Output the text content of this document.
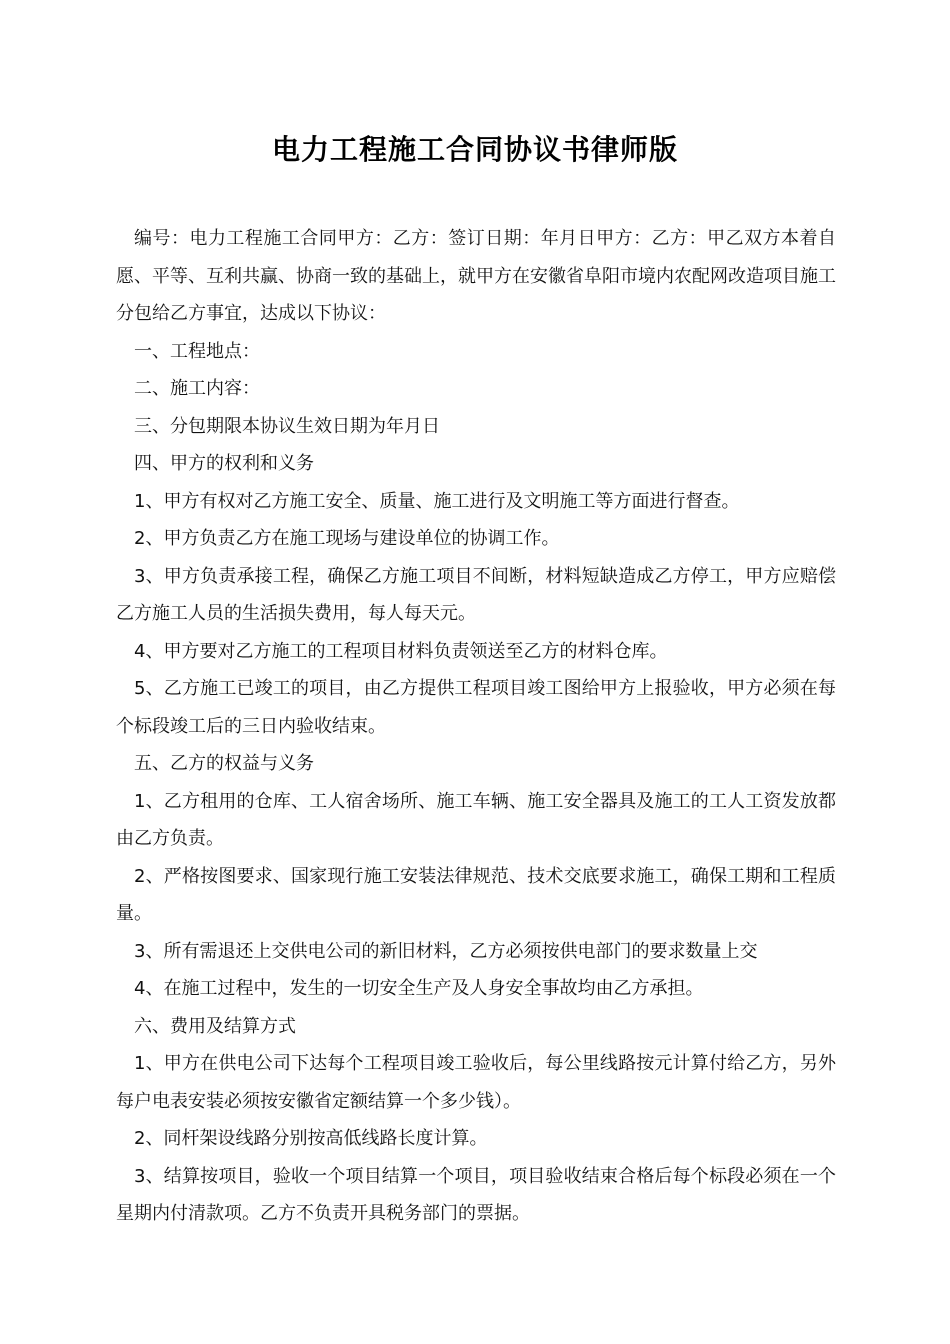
电力工程施工合同协议书律师版

编号：电力工程施工合同甲方：乙方：签订日期：年月日甲方：乙方：甲乙双方本着自愿、平等、互利共赢、协商一致的基础上，就甲方在安徽省阜阳市境内农配网改造项目施工分包给乙方事宜，达成以下协议：

一、工程地点：

二、施工内容：

三、分包期限本协议生效日期为年月日

四、甲方的权利和义务

1、甲方有权对乙方施工安全、质量、施工进行及文明施工等方面进行督查。

2、甲方负责乙方在施工现场与建设单位的协调工作。

3、甲方负责承接工程，确保乙方施工项目不间断，材料短缺造成乙方停工，甲方应赔偿乙方施工人员的生活损失费用，每人每天元。

4、甲方要对乙方施工的工程项目材料负责领送至乙方的材料仓库。

5、乙方施工已竣工的项目，由乙方提供工程项目竣工图给甲方上报验收，甲方必须在每个标段竣工后的三日内验收结束。

五、乙方的权益与义务

1、乙方租用的仓库、工人宿舍场所、施工车辆、施工安全器具及施工的工人工资发放都由乙方负责。

2、严格按图要求、国家现行施工安装法律规范、技术交底要求施工，确保工期和工程质量。

3、所有需退还上交供电公司的新旧材料，乙方必须按供电部门的要求数量上交

4、在施工过程中，发生的一切安全生产及人身安全事故均由乙方承担。

六、费用及结算方式

1、甲方在供电公司下达每个工程项目竣工验收后，每公里线路按元计算付给乙方，另外每户电表安装必须按安徽省定额结算一个多少钱）。

2、同杆架设线路分别按高低线路长度计算。

3、结算按项目，验收一个项目结算一个项目，项目验收结束合格后每个标段必须在一个星期内付清款项。乙方不负责开具税务部门的票据。
